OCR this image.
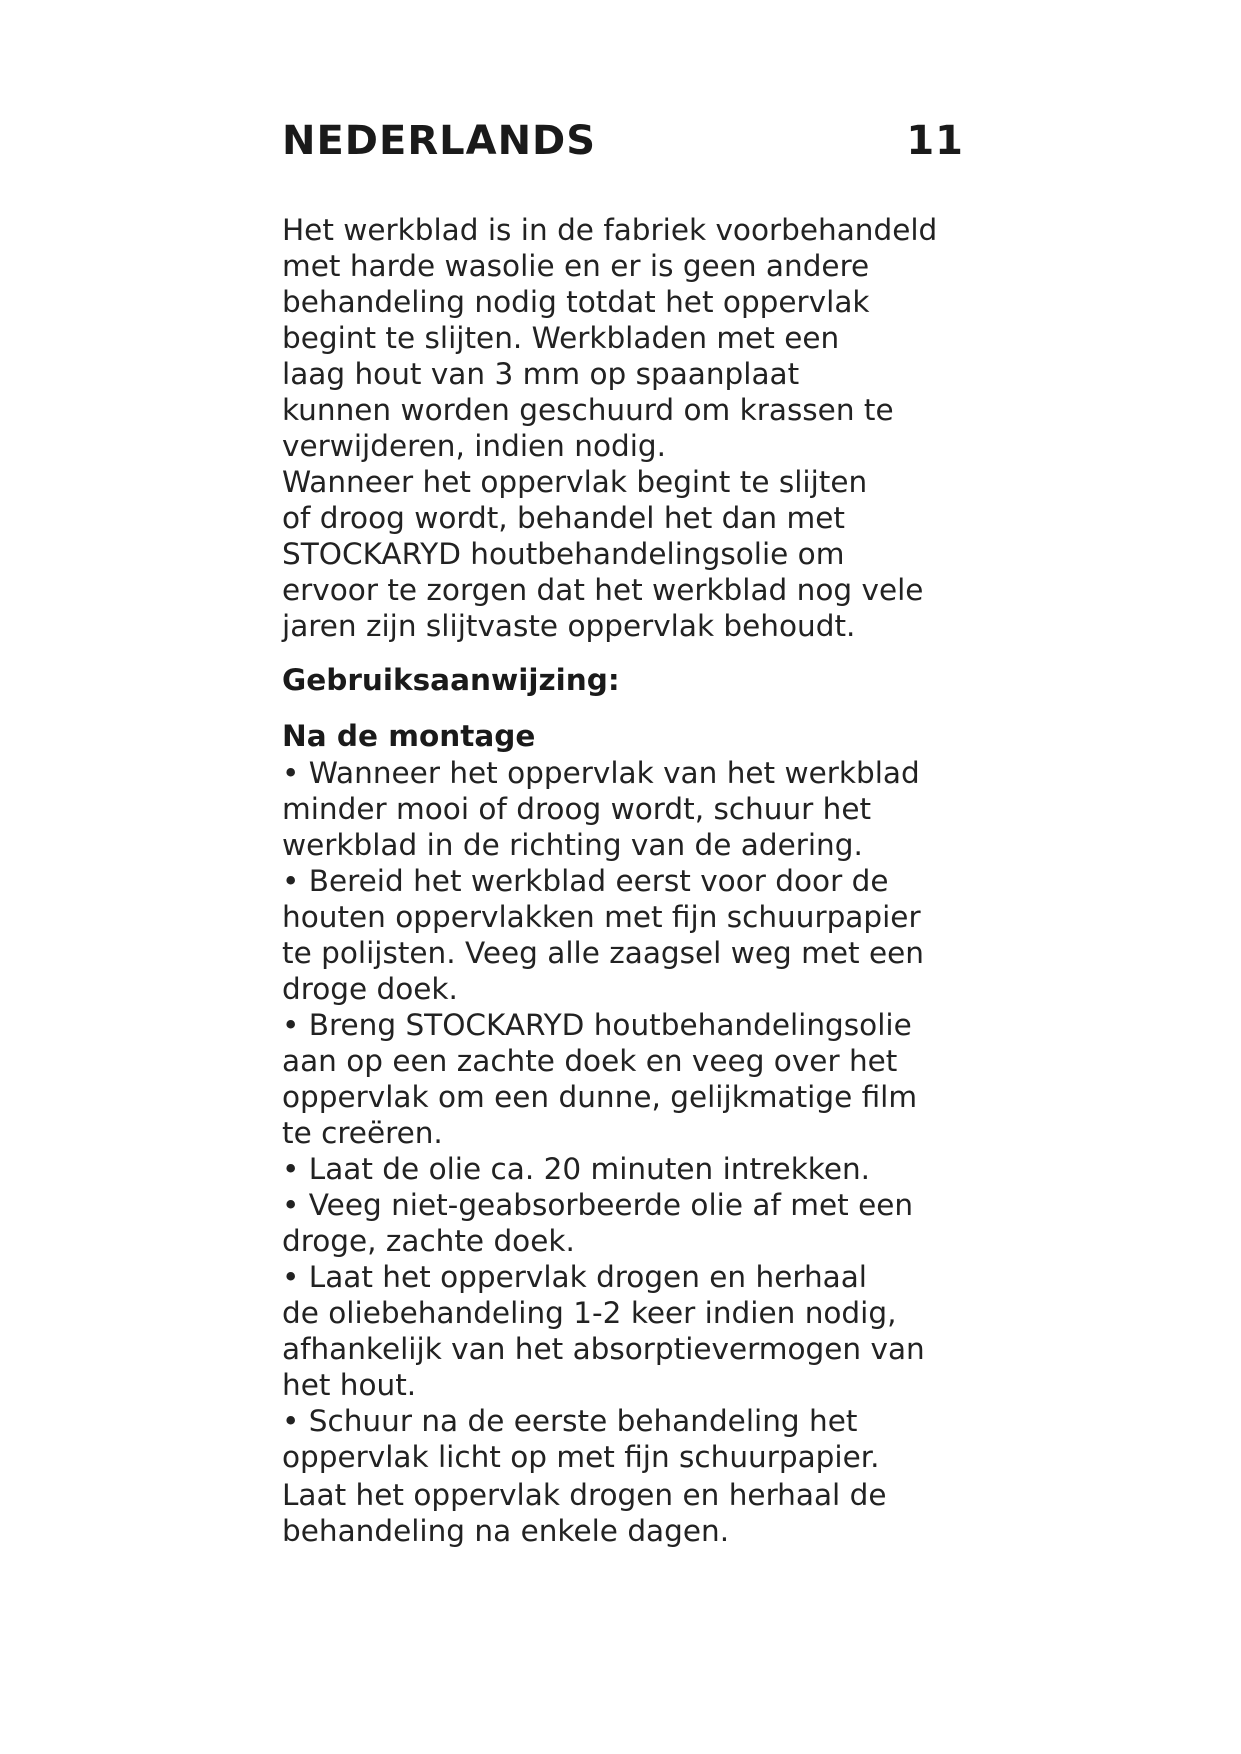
NEDERLANDS	11

Het werkblad is in de fabriek voorbehandeld
met harde wasolie en er is geen andere
behandeling nodig totdat het oppervlak
begint te slijten. Werkbladen met een
laag hout van 3 mm op spaanplaat
kunnen worden geschuurd om krassen te
verwijderen, indien nodig.

Wanneer het oppervlak begint te slijten
of droog wordt, behandel het dan met
STOCKARYD houtbehandelingsolie om
ervoor te zorgen dat het werkblad nog vele
jaren zijn slijtvaste oppervlak behoudt.

Gebruiksaanwijzing:
Na de montage
• Wanneer het oppervlak van het werkblad
minder mooi of droog wordt, schuur het
werkblad in de richting van de adering.
• Bereid het werkblad eerst voor door de
houten oppervlakken met fijn schuurpapier
te polijsten. Veeg alle zaagsel weg met een
droge doek.
• Breng STOCKARYD houtbehandelingsolie
aan op een zachte doek en veeg over het
oppervlak om een dunne, gelijkmatige film
te creëren.
• Laat de olie ca. 20 minuten intrekken.
• Veeg niet-geabsorbeerde olie af met een
droge, zachte doek.
• Laat het oppervlak drogen en herhaal
de oliebehandeling 1-2 keer indien nodig,
afhankelijk van het absorptievermogen van
het hout.
• Schuur na de eerste behandeling het
oppervlak licht op met fijn schuurpapier.

Laat het oppervlak drogen en herhaal de
behandeling na enkele dagen.
